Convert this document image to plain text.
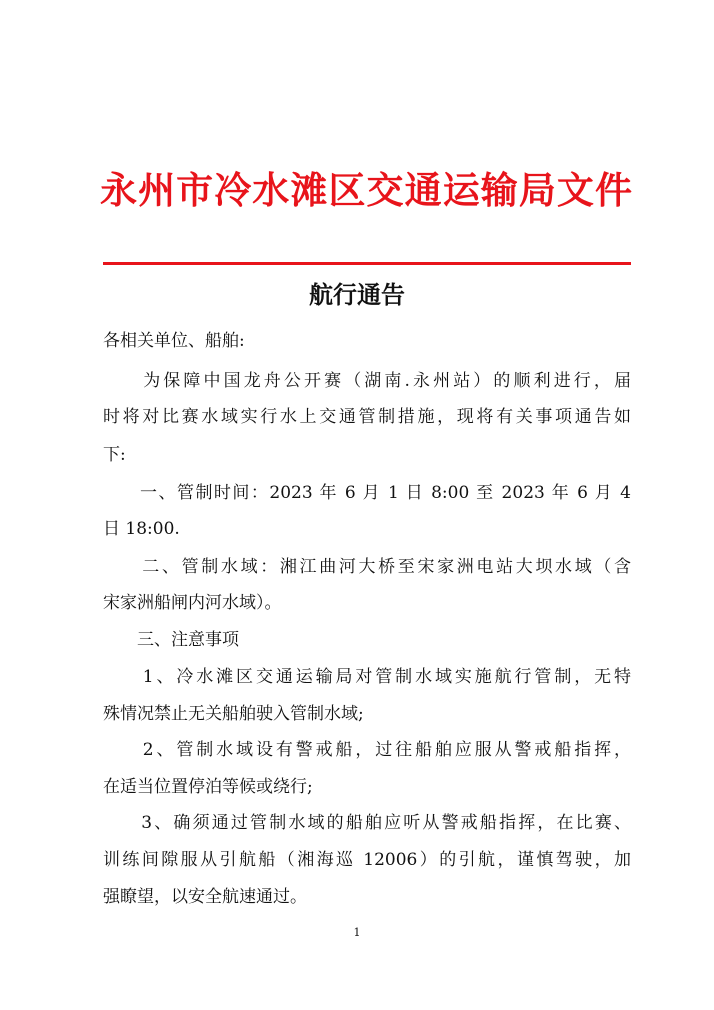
永州市冷水滩区交通运输局文件
航行通告
各相关单位、船舶:
　　为保障中国龙舟公开赛（湖南.永州站）的顺利进行，届
时将对比赛水域实行水上交通管制措施，现将有关事项通告如
下:
　　一、管制时间：2023 年 6 月 1 日 8:00 至 2023 年 6 月 4
日 18:00.
　　二、管制水域：湘江曲河大桥至宋家洲电站大坝水域（含
宋家洲船闸内河水域）。
　　三、注意事项
　　1、冷水滩区交通运输局对管制水域实施航行管制，无特
殊情况禁止无关船舶驶入管制水域;
　　2、管制水域设有警戒船，过往船舶应服从警戒船指挥，
在适当位置停泊等候或绕行;
　　3、确须通过管制水域的船舶应听从警戒船指挥，在比赛、
训练间隙服从引航船（湘海巡 12006）的引航，谨慎驾驶，加
强瞭望，以安全航速通过。
1
